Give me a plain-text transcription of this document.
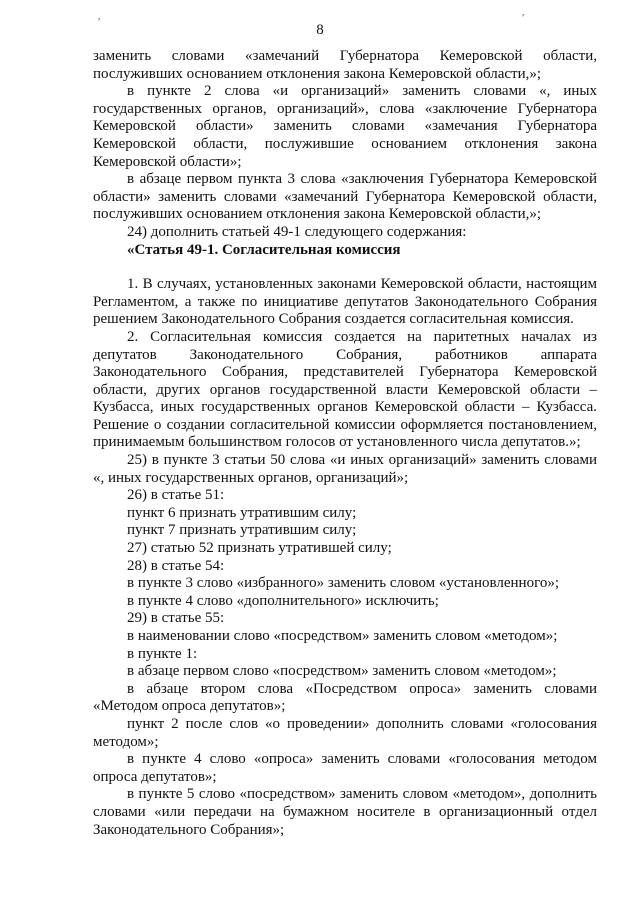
′	′
8

заменить словами «замечаний Губернатора Кемеровской области, послуживших основанием отклонения закона Кемеровской области,»;

в пункте 2 слова «и организаций» заменить словами «, иных государственных органов, организаций», слова «заключение Губернатора Кемеровской области» заменить словами «замечания Губернатора Кемеровской области, послужившие основанием отклонения закона Кемеровской области»;

в абзаце первом пункта 3 слова «заключения Губернатора Кемеровской области» заменить словами «замечаний Губернатора Кемеровской области, послуживших основанием отклонения закона Кемеровской области,»;

24) дополнить статьей 49-1 следующего содержания:

«Статья 49-1. Согласительная комиссия

1. В случаях, установленных законами Кемеровской области, настоящим Регламентом, а также по инициативе депутатов Законодательного Собрания решением Законодательного Собрания создается согласительная комиссия.

2. Согласительная комиссия создается на паритетных началах из депутатов Законодательного Собрания, работников аппарата Законодательного Собрания, представителей Губернатора Кемеровской области, других органов государственной власти Кемеровской области – Кузбасса, иных государственных органов Кемеровской области – Кузбасса. Решение о создании согласительной комиссии оформляется постановлением, принимаемым большинством голосов от установленного числа депутатов.»;

25) в пункте 3 статьи 50 слова «и иных организаций» заменить словами «, иных государственных органов, организаций»;

26) в статье 51:

пункт 6 признать утратившим силу;

пункт 7 признать утратившим силу;

27) статью 52 признать утратившей силу;

28) в статье 54:

в пункте 3 слово «избранного» заменить словом «установленного»;

в пункте 4 слово «дополнительного» исключить;

29) в статье 55:

в наименовании слово «посредством» заменить словом «методом»;

в пункте 1:

в абзаце первом слово «посредством» заменить словом «методом»;

в абзаце втором слова «Посредством опроса» заменить словами «Методом опроса депутатов»;

пункт 2 после слов «о проведении» дополнить словами «голосования методом»;

в пункте 4 слово «опроса» заменить словами «голосования методом опроса депутатов»;

в пункте 5 слово «посредством» заменить словом «методом», дополнить словами «или передачи на бумажном носителе в организационный отдел Законодательного Собрания»;
